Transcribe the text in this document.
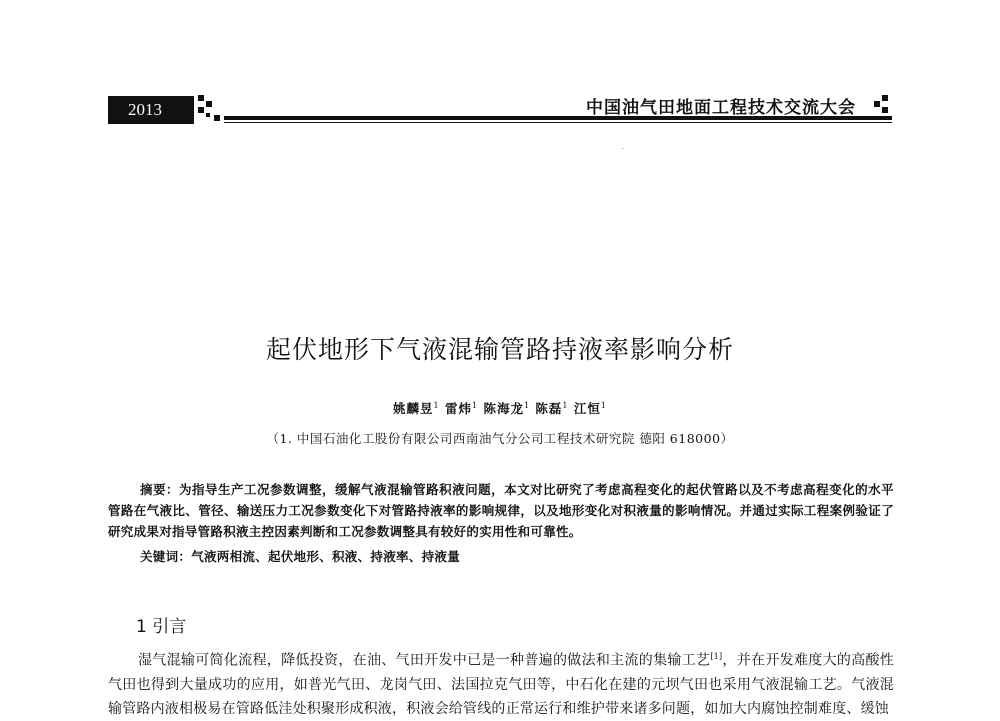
2013	中国油气田地面工程技术交流大会
起伏地形下气液混输管路持液率影响分析
姚麟昱$^1$ 雷炜$^1$ 陈海龙$^1$ 陈磊$^1$ 江恒$^1$
（1. 中国石油化工股份有限公司西南油气分公司工程技术研究院 德阳 618000）
摘要：为指导生产工况参数调整，缓解气液混输管路积液问题，本文对比研究了考虑高程变化的起伏管路以及不考虑高程变化的水平管路在气液比、管径、输送压力工况参数变化下对管路持液率的影响规律，以及地形变化对积液量的影响情况。并通过实际工程案例验证了研究成果对指导管路积液主控因素判断和工况参数调整具有较好的实用性和可靠性。
关键词：气液两相流、起伏地形、积液、持液率、持液量
1 引言
湿气混输可简化流程，降低投资，在油、气田开发中已是一种普遍的做法和主流的集输工艺[1]，并在开发难度大的高酸性气田也得到大量成功的应用，如普光气田、龙岗气田、法国拉克气田等，中石化在建的元坝气田也采用气液混输工艺。气液混输管路内液相极易在管路低洼处积聚形成积液，积液会给管线的正常运行和维护带来诸多问题，如加大内腐蚀控制难度、缓蚀
